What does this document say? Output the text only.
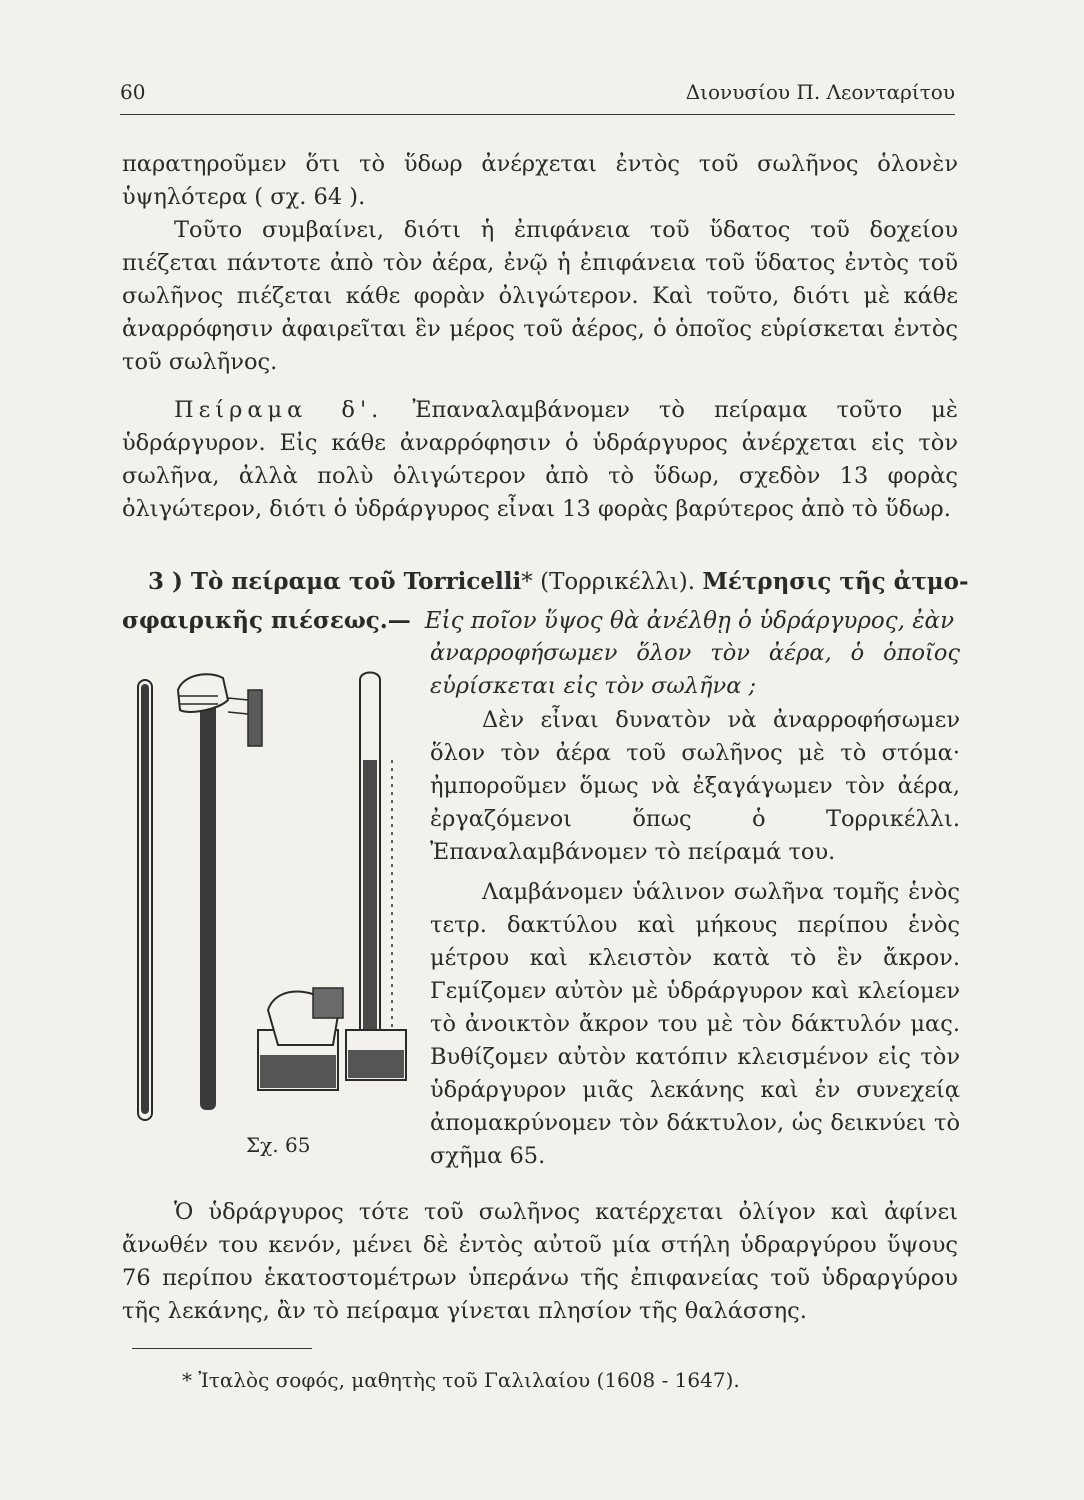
60	Διονυσίου Π. Λεονταρίτου

παρατηροῦμεν ὅτι τὸ ὕδωρ ἀνέρχεται ἐντὸς τοῦ σωλῆνος ὁλονὲν ὑψηλότερα ( σχ. 64 ).

Τοῦτο συμβαίνει, διότι ἡ ἐπιφάνεια τοῦ ὕδατος τοῦ δοχείου πιέζεται πάντοτε ἀπὸ τὸν ἀέρα, ἐνῷ ἡ ἐπιφάνεια τοῦ ὕδατος ἐντὸς τοῦ σωλῆνος πιέζεται κάθε φορὰν ὀλιγώτερον. Καὶ τοῦτο, διότι μὲ κάθε ἀναρρόφησιν ἀφαιρεῖται ἓν μέρος τοῦ ἀέρος, ὁ ὁποῖος εὑρίσκεται ἐντὸς τοῦ σωλῆνος.

Πείραμα δ'. Ἐπαναλαμβάνομεν τὸ πείραμα τοῦτο μὲ ὑδράργυρον. Εἰς κάθε ἀναρρόφησιν ὁ ὑδράργυρος ἀνέρχεται εἰς τὸν σωλῆνα, ἀλλὰ πολὺ ὀλιγώτερον ἀπὸ τὸ ὕδωρ, σχεδὸν 13 φορὰς ὀλιγώτερον, διότι ὁ ὑδράργυρος εἶναι 13 φορὰς βαρύτερος ἀπὸ τὸ ὕδωρ.

3 ) Τὸ πείραμα τοῦ Torricelli* (Τορρικέλλι). Μέτρησις τῆς ἀτμο-
σφαιρικῆς πιέσεως.— Εἰς ποῖον ὕψος θὰ ἀνέλθῃ ὁ ὑδράργυρος, ἐὰν

ἀναρροφήσωμεν ὅλον τὸν ἀέρα, ὁ ὁποῖος εὑρίσκεται εἰς τὸν σωλῆνα ;

Δὲν εἶναι δυνατὸν νὰ ἀναρροφήσωμεν ὅλον τὸν ἀέρα τοῦ σωλῆνος μὲ τὸ στόμα· ἠμποροῦμεν ὅμως νὰ ἐξαγάγωμεν τὸν ἀέρα, ἐργαζόμενοι ὅπως ὁ Τορρικέλλι. Ἐπαναλαμβάνομεν τὸ πείραμά του.

Λαμβάνομεν ὑάλινον σωλῆνα τομῆς ἑνὸς τετρ. δακτύλου καὶ μήκους περίπου ἑνὸς μέτρου καὶ κλειστὸν κατὰ τὸ ἓν ἄκρον. Γεμίζομεν αὐτὸν μὲ ὑδράργυρον καὶ κλείομεν τὸ ἀνοικτὸν ἄκρον του μὲ τὸν δάκτυλόν μας. Βυθίζομεν αὐτὸν κατόπιν κλεισμένον εἰς τὸν ὑδράργυρον μιᾶς λεκάνης καὶ ἐν συνεχείᾳ ἀπομακρύνομεν τὸν δάκτυλον, ὡς δεικνύει τὸ σχῆμα 65.

Σχ. 65

Ὁ ὑδράργυρος τότε τοῦ σωλῆνος κατέρχεται ὀλίγον καὶ ἀφίνει ἄνωθέν του κενόν, μένει δὲ ἐντὸς αὐτοῦ μία στήλη ὑδραργύρου ὕψους 76 περίπου ἑκατοστομέτρων ὑπεράνω τῆς ἐπιφανείας τοῦ ὑδραργύρου τῆς λεκάνης, ἂν τὸ πείραμα γίνεται πλησίον τῆς θαλάσσης.

* Ἰταλὸς σοφός, μαθητὴς τοῦ Γαλιλαίου (1608 - 1647).
